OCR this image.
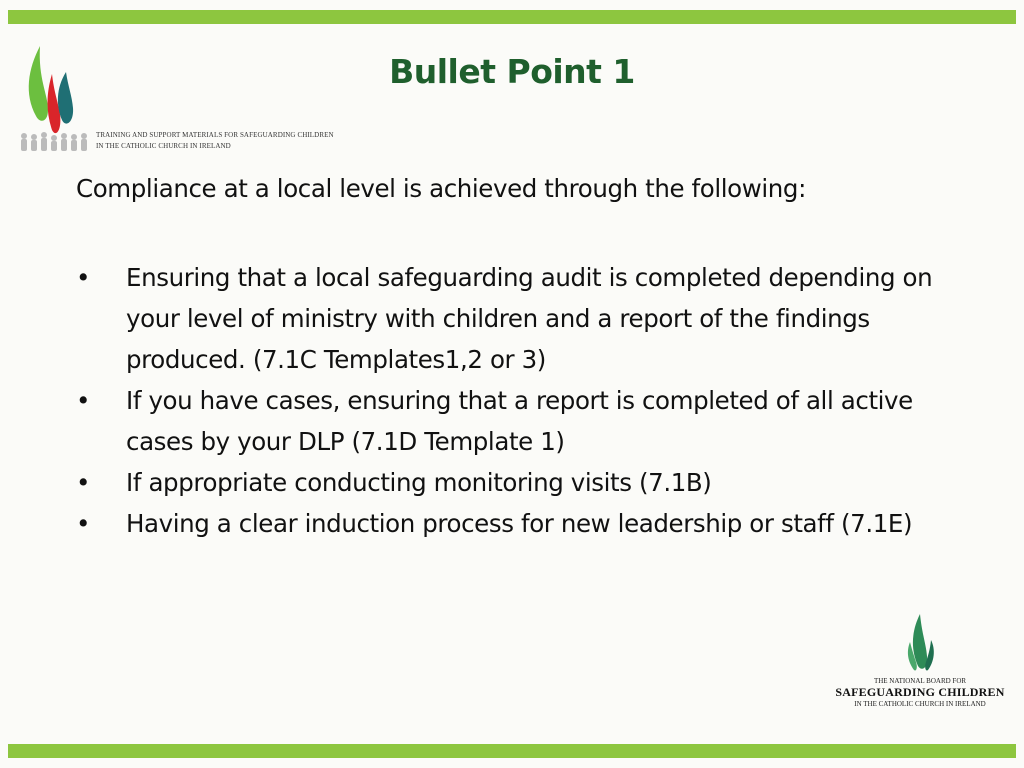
TRAINING AND SUPPORT MATERIALS FOR SAFEGUARDING CHILDREN
IN THE CATHOLIC CHURCH IN IRELAND
Bullet Point 1

Compliance at a local level is achieved through the following:

• Ensuring that a local safeguarding audit is completed depending on your level of ministry with children and a report of the findings produced. (7.1C Templates1,2 or 3)
• If you have cases, ensuring that a report is completed of all active cases by your DLP (7.1D Template 1)
• If appropriate conducting monitoring visits (7.1B)
• Having a clear induction process for new leadership or staff (7.1E)
THE NATIONAL BOARD FOR
SAFEGUARDING CHILDREN
IN THE CATHOLIC CHURCH IN IRELAND
